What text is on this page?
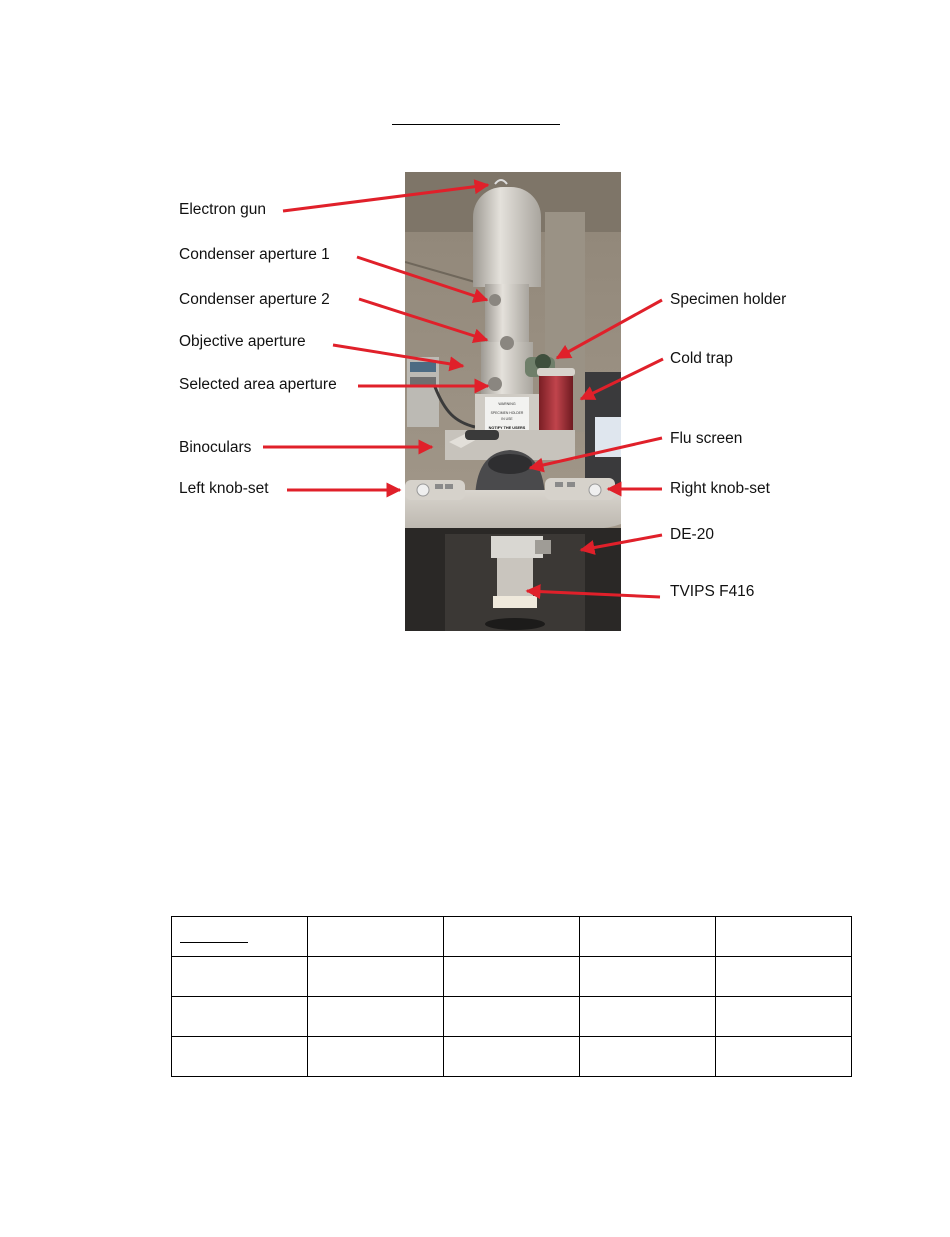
WARNING
SPECIMEN HOLDER
IN USE
NOTIFY THE USERS
Electron gun
Condenser aperture 1
Condenser aperture 2
Objective aperture
Selected area aperture
Binoculars
Left knob-set
Specimen holder
Cold trap
Flu screen
Right knob-set
DE-20
TVIPS F416
